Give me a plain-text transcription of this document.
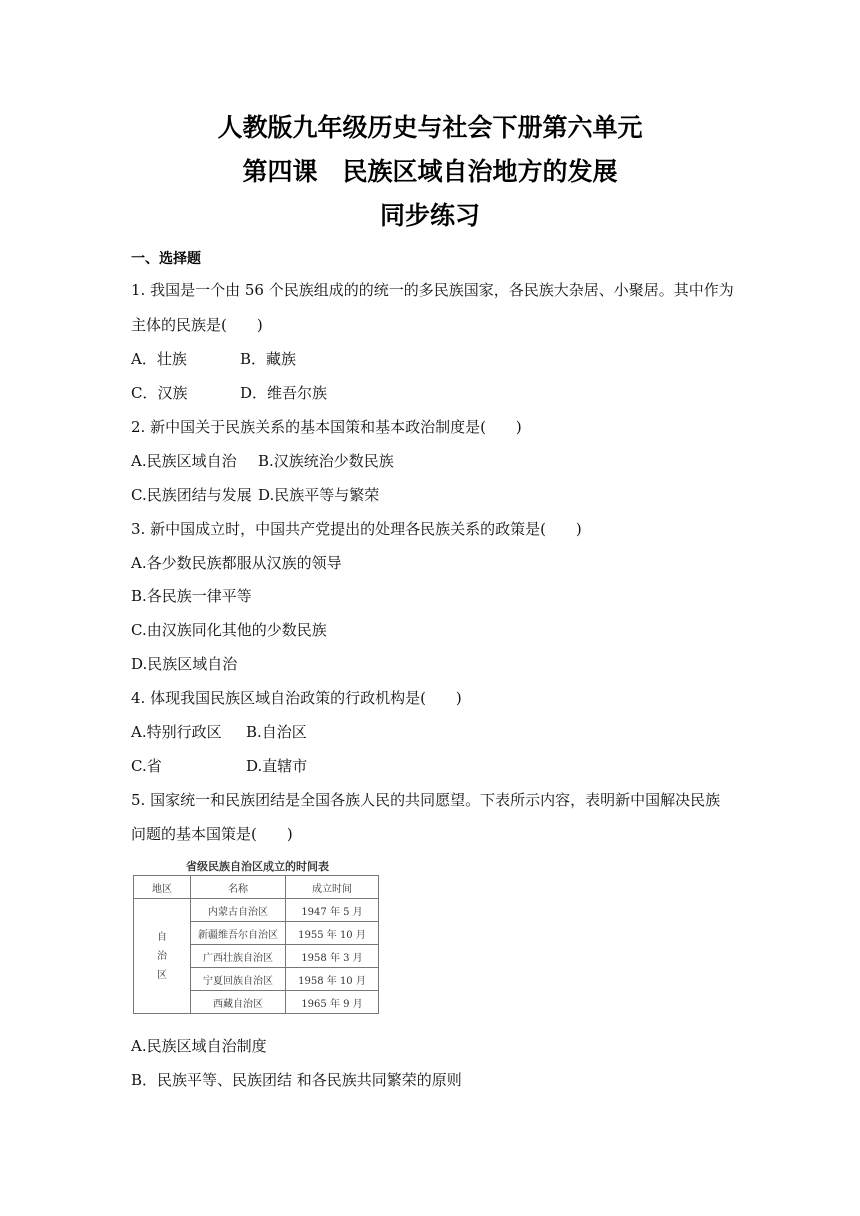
人教版九年级历史与社会下册第六单元
第四课　民族区域自治地方的发展
同步练习
一、选择题
1. 我国是一个由 56 个民族组成的的统一的多民族国家，各民族大杂居、小聚居。其中作为
主体的民族是(　　)
A．壮族	B．藏族
C．汉族	D．维吾尔族
2. 新中国关于民族关系的基本国策和基本政治制度是(　　)
A.民族区域自治 B.汉族统治少数民族
C.民族团结与发展 D.民族平等与繁荣
3. 新中国成立时，中国共产党提出的处理各民族关系的政策是(　　)
A.各少数民族都服从汉族的领导
B.各民族一律平等
C.由汉族同化其他的少数民族
D.民族区域自治
4. 体现我国民族区域自治政策的行政机构是(　　)
A.特别行政区 B.自治区
C.省	D.直辖市
5. 国家统一和民族团结是全国各族人民的共同愿望。下表所示内容，表明新中国解决民族
问题的基本国策是(　　)
省级民族自治区成立的时间表
地区	名称	成立时间
自
治
区	内蒙古自治区	1947 年 5 月
	新疆维吾尔自治区	1955 年 10 月
	广西壮族自治区	1958 年 3 月
	宁夏回族自治区	1958 年 10 月
	西藏自治区	1965 年 9 月
A.民族区域自治制度
B．民族平等、民族团结 和各民族共同繁荣的原则
